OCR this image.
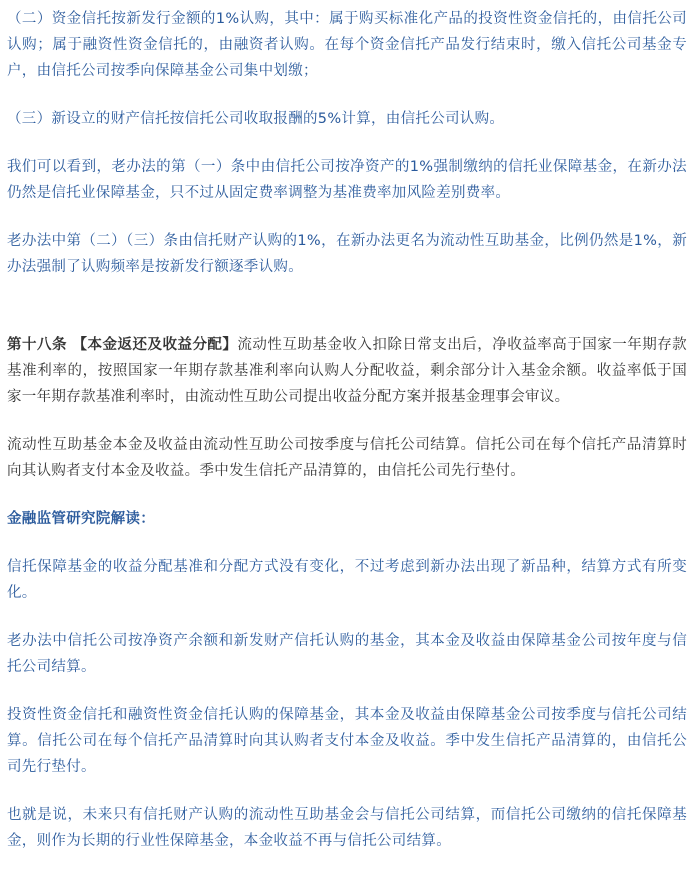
（二）资金信托按新发行金额的1%认购，其中：属于购买标准化产品的投资性资金信托的，由信托公司认购；属于融资性资金信托的，由融资者认购。在每个资金信托产品发行结束时，缴入信托公司基金专户，由信托公司按季向保障基金公司集中划缴；

（三）新设立的财产信托按信托公司收取报酬的5%计算，由信托公司认购。

我们可以看到，老办法的第（一）条中由信托公司按净资产的1%强制缴纳的信托业保障基金，在新办法仍然是信托业保障基金，只不过从固定费率调整为基准费率加风险差别费率。

老办法中第（二）（三）条由信托财产认购的1%，在新办法更名为流动性互助基金，比例仍然是1%，新办法强制了认购频率是按新发行额逐季认购。

第十八条 【本金返还及收益分配】流动性互助基金收入扣除日常支出后，净收益率高于国家一年期存款基准利率的，按照国家一年期存款基准利率向认购人分配收益，剩余部分计入基金余额。收益率低于国家一年期存款基准利率时，由流动性互助公司提出收益分配方案并报基金理事会审议。

流动性互助基金本金及收益由流动性互助公司按季度与信托公司结算。信托公司在每个信托产品清算时向其认购者支付本金及收益。季中发生信托产品清算的，由信托公司先行垫付。

金融监管研究院解读：

信托保障基金的收益分配基准和分配方式没有变化，不过考虑到新办法出现了新品种，结算方式有所变化。

老办法中信托公司按净资产余额和新发财产信托认购的基金，其本金及收益由保障基金公司按年度与信托公司结算。

投资性资金信托和融资性资金信托认购的保障基金，其本金及收益由保障基金公司按季度与信托公司结算。信托公司在每个信托产品清算时向其认购者支付本金及收益。季中发生信托产品清算的，由信托公司先行垫付。

也就是说，未来只有信托财产认购的流动性互助基金会与信托公司结算，而信托公司缴纳的信托保障基金，则作为长期的行业性保障基金，本金收益不再与信托公司结算。
